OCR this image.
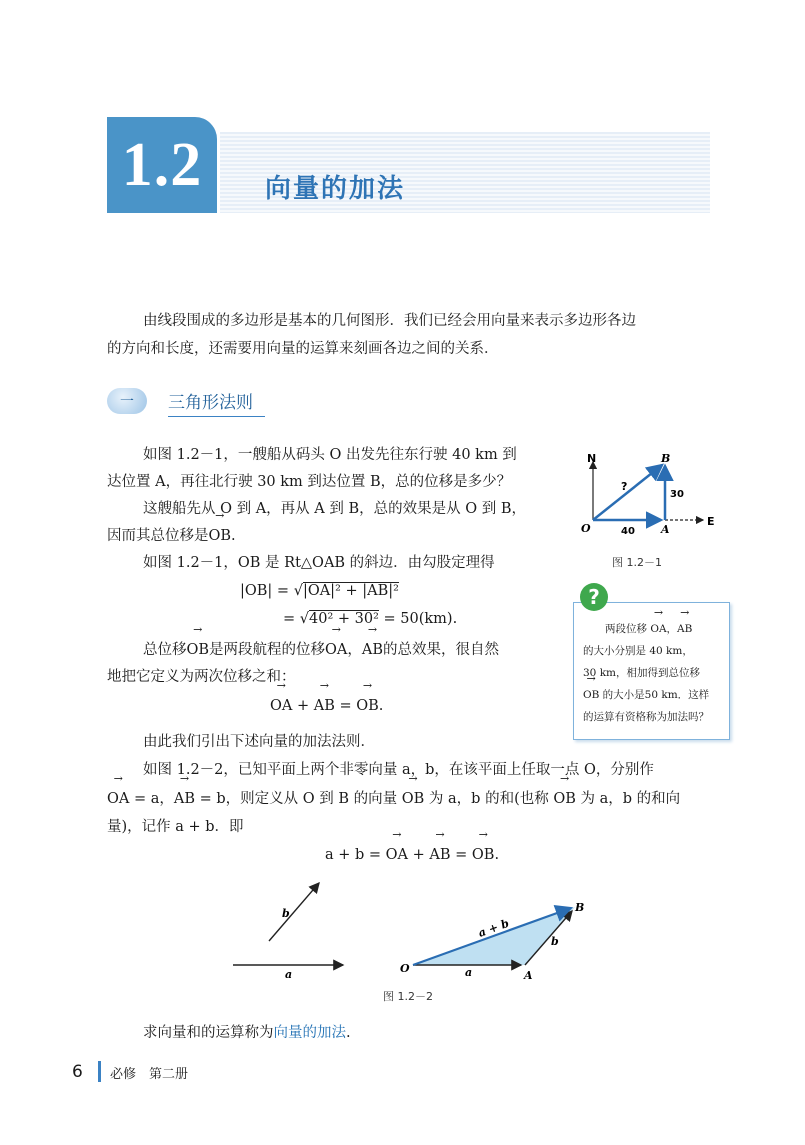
1.2	向量的加法
由线段围成的多边形是基本的几何图形．我们已经会用向量来表示多边形各边
的方向和长度，还需要用向量的运算来刻画各边之间的关系．
一	三角形法则
如图 1.2－1，一艘船从码头 O 出发先往东行驶 40 km 到
达位置 A，再往北行驶 30 km 到达位置 B，总的位移是多少？
这艘船先从 O 到 A，再从 A 到 B，总的效果是从 O 到 B，
因而其总位移是→ OB.
如图 1.2－1，OB 是 Rt△OAB 的斜边．由勾股定理得
|OB| = √|OA|² + |AB|²
= √40² + 30² = 50(km).
总位移→ OB是两段航程的位移→ OA，→ AB的总效果，很自然
地把它定义为两次位移之和：
→ OA + → AB = → OB.
由此我们引出下述向量的加法法则．
如图 1.2－2，已知平面上两个非零向量 a，b，在该平面上任取一点 O，分别作
→ OA = a，→ AB = b，则定义从 O 到 B 的向量 → OB 为 a，b 的和(也称 → OB 为 a，b 的和向
量)，记作 a + b．即
a + b = → OA + → AB = → OB.
求向量和的运算称为向量的加法.
N
E
O	A
B
?
30
40
图 1.2－1
?
两段位移 → OA，→ AB
的大小分别是 40 km，
30 km，相加得到总位移
→ OB 的大小是50 km．这样
的运算有资格称为加法吗？
a
b
O
A
B
a
b
a + b
图 1.2－2
6 必修　第二册
